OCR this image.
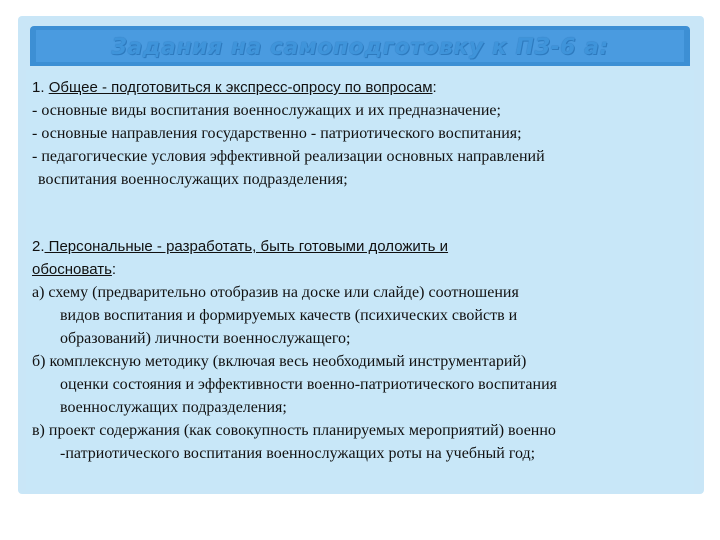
Задания на самоподготовку к ПЗ-6 а:
1. Общее - подготовиться к экспресс-опросу по вопросам:
- основные виды воспитания военнослужащих и их предназначение;
- основные направления государственно - патриотического воспитания;
- педагогические условия эффективной реализации основных направлений
воспитания военнослужащих подразделения;
2. Персональные - разработать, быть готовыми доложить и
обосновать:
а) схему (предварительно отобразив на доске или слайде) соотношения
видов воспитания и формируемых качеств (психических свойств и
образований) личности военнослужащего;
б) комплексную методику (включая весь необходимый инструментарий)
оценки состояния и эффективности военно-патриотического воспитания
военнослужащих подразделения;
в) проект содержания (как совокупность планируемых мероприятий) военно
-патриотического воспитания военнослужащих роты на учебный год;
